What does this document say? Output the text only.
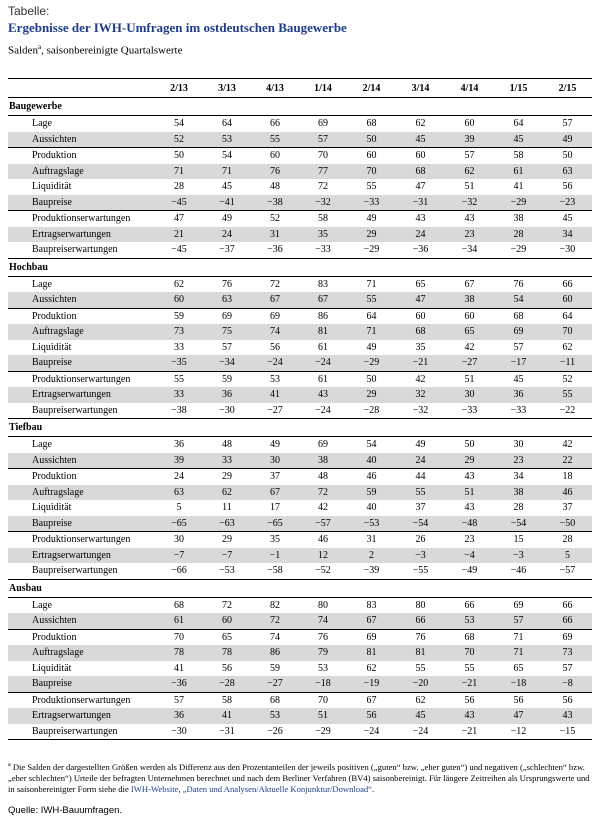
Tabelle:
Ergebnisse der IWH-Umfragen im ostdeutschen Baugewerbe
Salden$^a$, saisonbereinigte Quartalswerte
	2/13	3/13	4/13	1/14	2/14	3/14	4/14	1/15	2/15
Baugewerbe									
Lage	54	64	66	69	68	62	60	64	57
Aussichten	52	53	55	57	50	45	39	45	49
Produktion	50	54	60	70	60	60	57	58	50
Auftragslage	71	71	76	77	70	68	62	61	63
Liquidität	28	45	48	72	55	47	51	41	56
Baupreise	−45	−41	−38	−32	−33	−31	−32	−29	−23
Produktionserwartungen	47	49	52	58	49	43	43	38	45
Ertragserwartungen	21	24	31	35	29	24	23	28	34
Baupreiserwartungen	−45	−37	−36	−33	−29	−36	−34	−29	−30
Hochbau									
Lage	62	76	72	83	71	65	67	76	66
Aussichten	60	63	67	67	55	47	38	54	60
Produktion	59	69	69	86	64	60	60	68	64
Auftragslage	73	75	74	81	71	68	65	69	70
Liquidität	33	57	56	61	49	35	42	57	62
Baupreise	−35	−34	−24	−24	−29	−21	−27	−17	−11
Produktionserwartungen	55	59	53	61	50	42	51	45	52
Ertragserwartungen	33	36	41	43	29	32	30	36	55
Baupreiserwartungen	−38	−30	−27	−24	−28	−32	−33	−33	−22
Tiefbau									
Lage	36	48	49	69	54	49	50	30	42
Aussichten	39	33	30	38	40	24	29	23	22
Produktion	24	29	37	48	46	44	43	34	18
Auftragslage	63	62	67	72	59	55	51	38	46
Liquidität	5	11	17	42	40	37	43	28	37
Baupreise	−65	−63	−65	−57	−53	−54	−48	−54	−50
Produktionserwartungen	30	29	35	46	31	26	23	15	28
Ertragserwartungen	−7	−7	−1	12	2	−3	−4	−3	5
Baupreiserwartungen	−66	−53	−58	−52	−39	−55	−49	−46	−57
Ausbau									
Lage	68	72	82	80	83	80	66	69	66
Aussichten	61	60	72	74	67	66	53	57	66
Produktion	70	65	74	76	69	76	68	71	69
Auftragslage	78	78	86	79	81	81	70	71	73
Liquidität	41	56	59	53	62	55	55	65	57
Baupreise	−36	−28	−27	−18	−19	−20	−21	−18	−8
Produktionserwartungen	57	58	68	70	67	62	56	56	56
Ertragserwartungen	36	41	53	51	56	45	43	47	43
Baupreiserwartungen	−30	−31	−26	−29	−24	−24	−21	−12	−15
$^a$ Die Salden der dargestellten Größen werden als Differenz aus den Prozentanteilen der jeweils positiven („guten“ bzw. „eher guten“) und negativen („schlechten“ bzw. „eher schlechten“) Urteile der befragten Unternehmen berechnet und nach dem Berliner Verfahren (BV4) saisonbereinigt. Für längere Zeitreihen als Ursprungswerte und in saisonbereinigter Form siehe die IWH-Website, „Daten und Analysen/Aktuelle Konjunktur/Download“.
Quelle: IWH-Bauumfragen.
